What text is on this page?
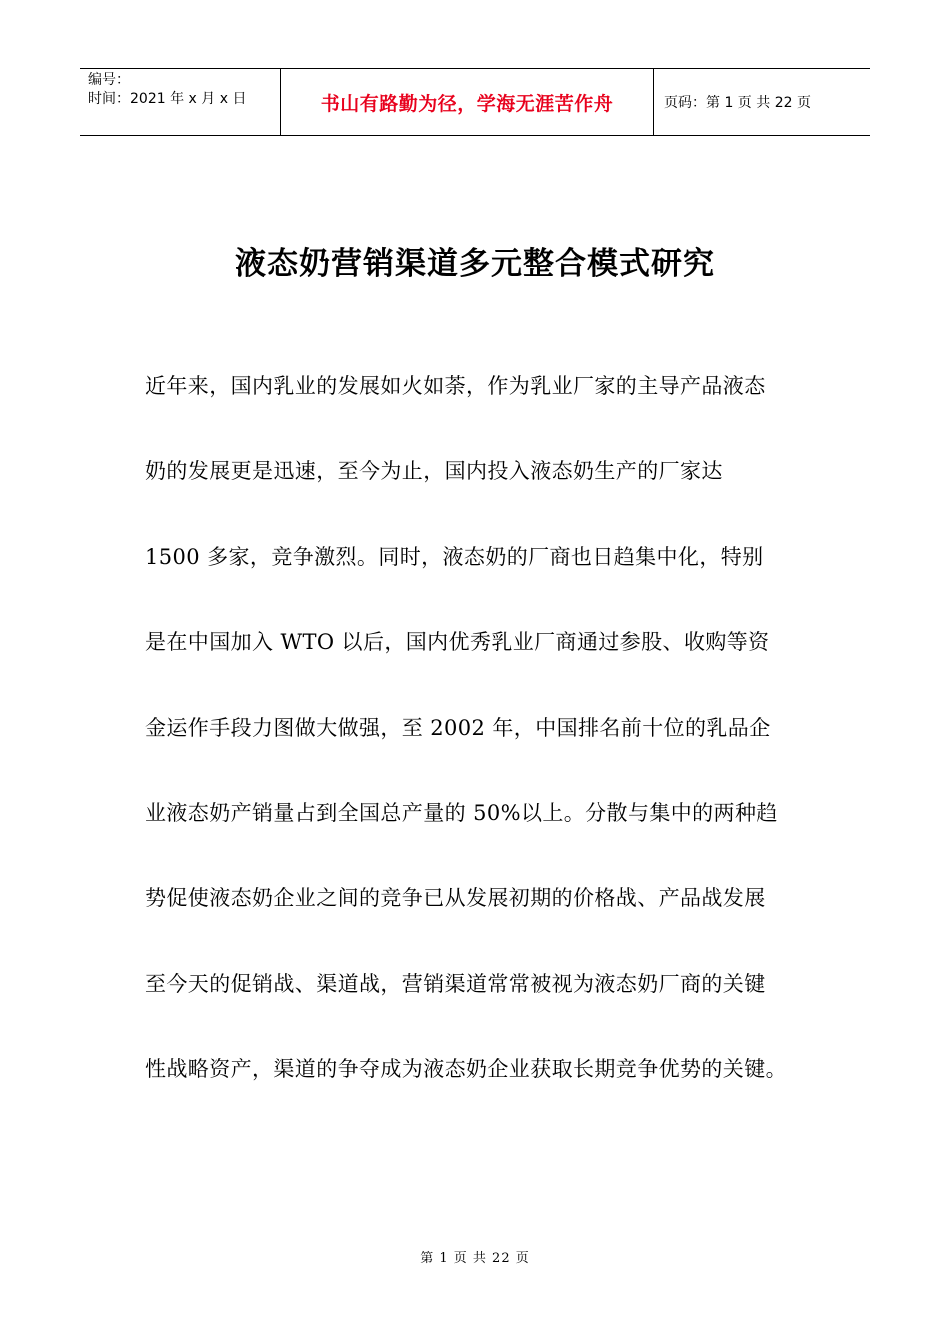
编号：
时间：2021 年 x 月 x 日	书山有路勤为径，学海无涯苦作舟	页码：第 1 页 共 22 页
液态奶营销渠道多元整合模式研究
近年来，国内乳业的发展如火如荼，作为乳业厂家的主导产品液态
奶的发展更是迅速，至今为止，国内投入液态奶生产的厂家达
1500 多家，竞争激烈。同时，液态奶的厂商也日趋集中化，特别
是在中国加入 WTO 以后，国内优秀乳业厂商通过参股、收购等资
金运作手段力图做大做强，至 2002 年，中国排名前十位的乳品企
业液态奶产销量占到全国总产量的 50%以上。分散与集中的两种趋
势促使液态奶企业之间的竞争已从发展初期的价格战、产品战发展
至今天的促销战、渠道战，营销渠道常常被视为液态奶厂商的关键
性战略资产，渠道的争夺成为液态奶企业获取长期竞争优势的关键。
第 1 页 共 22 页
